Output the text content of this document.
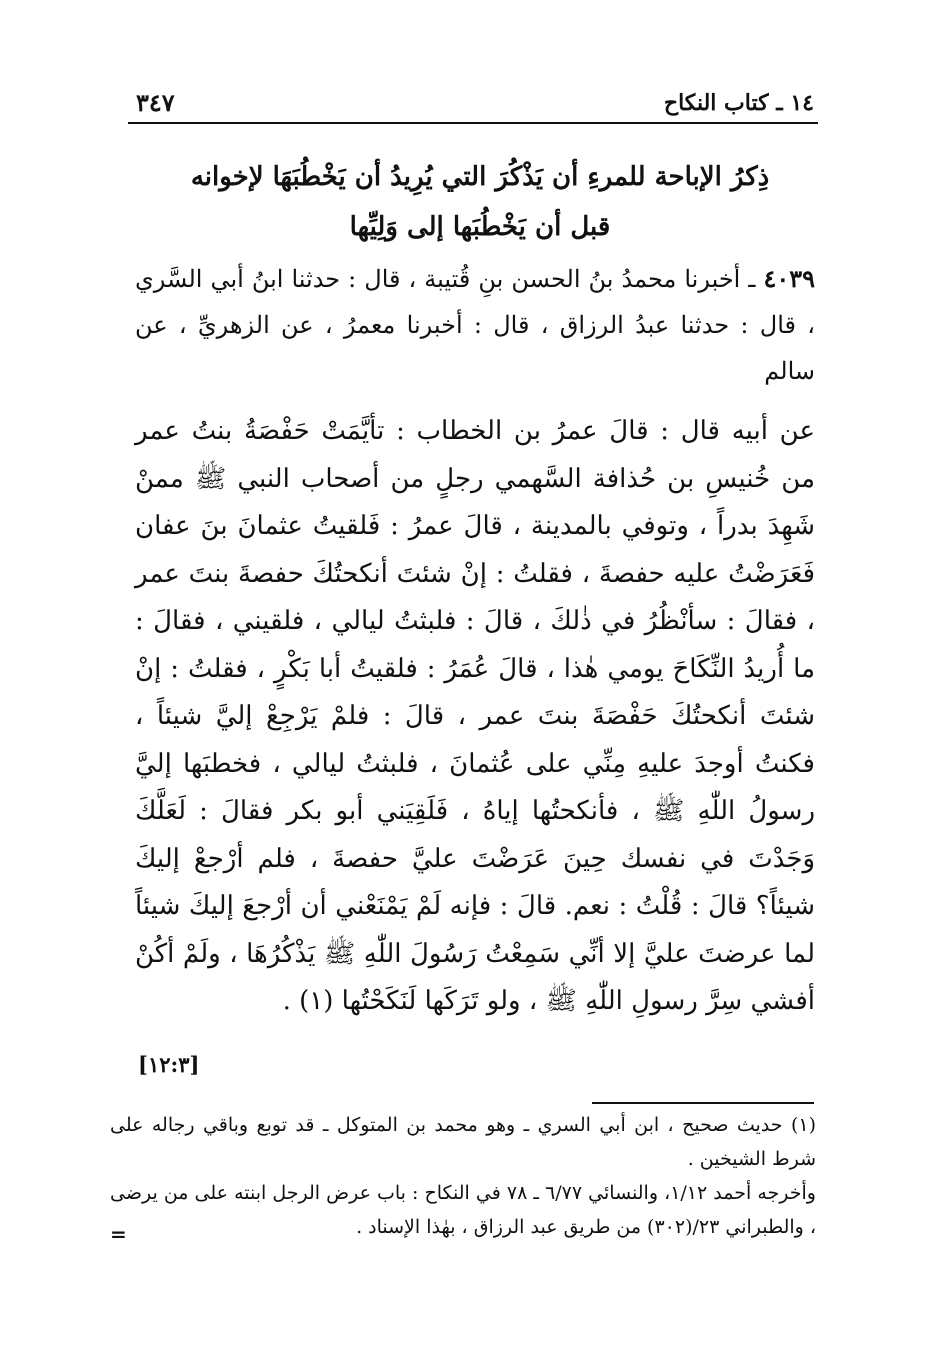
٣٤٧	١٤ ـ كتاب النكاح
ذِكرُ الإباحة للمرءِ أن يَذْكُرَ التي يُرِيدُ أن يَخْطُبَهَا لإخوانه
قبل أن يَخْطُبَها إلى وَلِيِّها
٤٠٣٩ ـ أخبرنا محمدُ بنُ الحسن بنِ قُتيبة ، قال : حدثنا ابنُ أبي السَّري ، قال : حدثنا عبدُ الرزاق ، قال : أخبرنا معمرُ ، عن الزهريِّ ، عن سالم
عن أبيه قال : قالَ عمرُ بن الخطاب : تأيَّمَتْ حَفْصَةُ بنتُ عمر من خُنيسِ بن حُذافة السَّهمي رجلٍ من أصحاب النبي ﷺ ممنْ شَهِدَ بدراً ، وتوفي بالمدينة ، قالَ عمرُ : فَلقيتُ عثمانَ بنَ عفان فَعَرَضْتُ عليه حفصةَ ، فقلتُ : إنْ شئتَ أنكحتُكَ حفصةَ بنتَ عمر ، فقالَ : سأنْظُرُ في ذٰلكَ ، قالَ : فلبثتُ ليالي ، فلقيني ، فقالَ : ما أُريدُ النِّكَاحَ يومي هٰذا ، قالَ عُمَرُ : فلقيتُ أبا بَكْرٍ ، فقلتُ : إنْ شئتَ أنكحتُكَ حَفْصَةَ بنتَ عمر ، قالَ : فلمْ يَرْجِعْ إليَّ شيئاً ، فكنتُ أوجدَ عليهِ مِنِّي على عُثمانَ ، فلبثتُ ليالي ، فخطبَها إليَّ رسولُ اللّٰهِ ﷺ ، فأنكحتُها إياهُ ، فَلَقِيَني أبو بكر فقالَ : لَعَلَّكَ وَجَدْتَ في نفسك حِينَ عَرَضْتَ عليَّ حفصةَ ، فلم أرْجعْ إليكَ شيئاً؟ قالَ : قُلْتُ : نعم. قالَ : فإنه لَمْ يَمْنَعْني أن أرْجعَ إليكَ شيئاً لما عرضتَ عليَّ إلا أنِّي سَمِعْتُ رَسُولَ اللّٰهِ ﷺ يَذْكُرُهَا ، ولَمْ أكُنْ أفشي سِرَّ رسولِ اللّٰهِ ﷺ ، ولو تَرَكَها لَنَكَحْتُها (١) .
[١٢:٣]

(١) حديث صحيح ، ابن أبي السري ـ وهو محمد بن المتوكل ـ قد توبع وباقي رجاله على شرط الشيخين .

وأخرجه أحمد ١/١٢، والنسائي ٦/٧٧ ـ ٧٨ في النكاح : باب عرض الرجل ابنته على من يرضى ، والطبراني ٢٣/(٣٠٢) من طريق عبد الرزاق ، بهٰذا الإسناد .

=
